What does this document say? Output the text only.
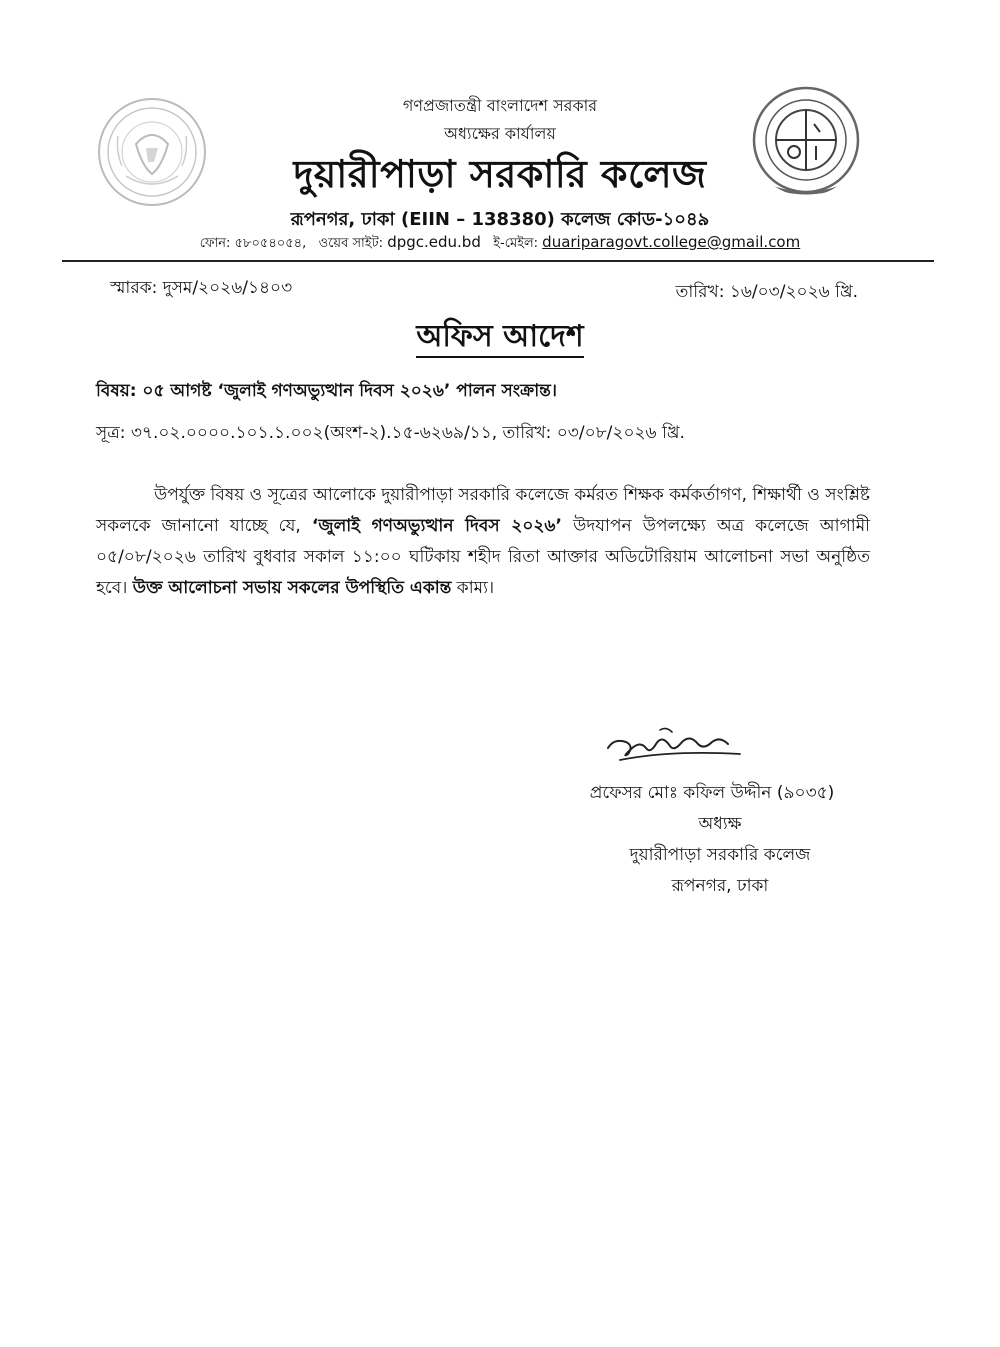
গণপ্রজাতন্ত্রী বাংলাদেশ সরকার
অধ্যক্ষের কার্যালয়
দুয়ারীপাড়া সরকারি কলেজ
রূপনগর, ঢাকা (EIIN – 138380) কলেজ কোড-১০৪৯
ফোন: ৫৮০৫৪০৫৪, ওয়েব সাইট: dpgc.edu.bd ই-মেইল: duariparagovt.college@gmail.com
স্মারক: দুসম/২০২৬/১৪০৩	তারিখ: ১৬/০৩/২০২৬ খ্রি.
অফিস আদেশ
বিষয়: ০৫ আগষ্ট ‘জুলাই গণঅভ্যুত্থান দিবস ২০২৬’ পালন সংক্রান্ত।
সূত্র: ৩৭.০২.০০০০.১০১.১.০০২(অংশ-২).১৫-৬২৬৯/১১, তারিখ: ০৩/০৮/২০২৬ খ্রি.
উপর্যুক্ত বিষয় ও সূত্রের আলোকে দুয়ারীপাড়া সরকারি কলেজে কর্মরত শিক্ষক কর্মকর্তাগণ, শিক্ষার্থী ও সংশ্লিষ্ট সকলকে জানানো যাচ্ছে যে, ‘জুলাই গণঅভ্যুত্থান দিবস ২০২৬’ উদযাপন উপলক্ষ্যে অত্র কলেজে আগামী ০৫/০৮/২০২৬ তারিখ বুধবার সকাল ১১:০০ ঘটিকায় শহীদ রিতা আক্তার অডিটোরিয়াম আলোচনা সভা অনুষ্ঠিত হবে। উক্ত আলোচনা সভায় সকলের উপস্থিতি একান্ত কাম্য।
প্রফেসর মোঃ কফিল উদ্দীন (৯০৩৫)
অধ্যক্ষ
দুয়ারীপাড়া সরকারি কলেজ
রূপনগর, ঢাকা
